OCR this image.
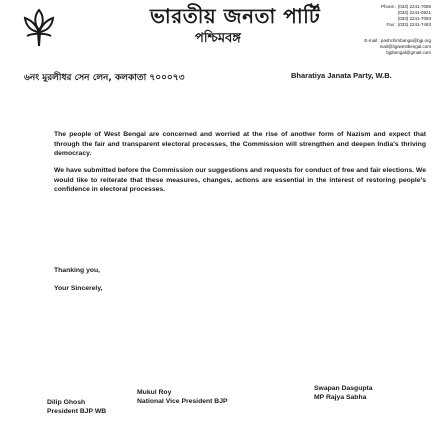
ভারতীয় জনতা পার্টি
পশ্চিমবঙ্গ
৬নং মুরলীধর সেন লেন, কলকাতা ৭০০০৭৩
Phone : (033) 2241-7086
(033) 2241-0921
(033) 2241-7093
Fax : (033) 2241-7463
E-mail : pashchimbanga@bjp.org
mail@bjpwestbengal.com
bjpbengal@gmail.com
Bharatiya Janata Party, W.B.
The people of West Bengal are concerned and worried at the rise of another form of Nazism and expect that through the fair and transparent electoral processes, the Commission will strengthen and deepen India's thriving democracy.
We have submitted before the Commission our suggestions and requests for conduct of free and fair elections. We would like to reiterate that these measures, changes, actions are essential in the interest of restoring people's confidence in electoral processes.
Thanking you,
Your Sincerely,
Dilip Ghosh
President BJP WB
Mukul Roy
National Vice President BJP
Swapan Dasgupta
MP Rajya Sabha
